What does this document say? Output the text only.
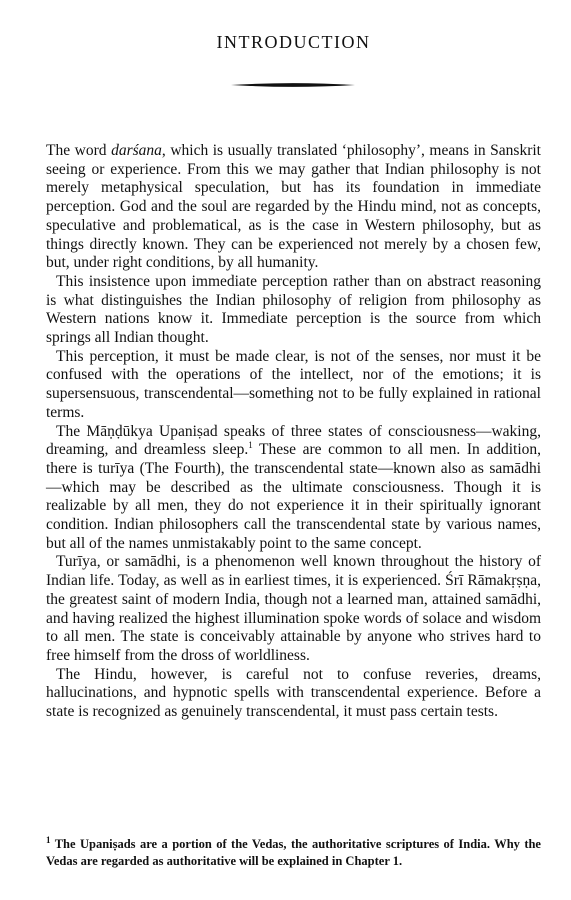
INTRODUCTION

The word darśana, which is usually translated ‘philosophy’, means in Sanskrit seeing or experience. From this we may gather that Indian philosophy is not merely metaphysical speculation, but has its foundation in immediate perception. God and the soul are regarded by the Hindu mind, not as concepts, speculative and problematical, as is the case in Western philosophy, but as things directly known. They can be experienced not merely by a chosen few, but, under right conditions, by all humanity.

This insistence upon immediate perception rather than on abstract reasoning is what distinguishes the Indian philosophy of religion from philosophy as Western nations know it. Immediate perception is the source from which springs all Indian thought.

This perception, it must be made clear, is not of the senses, nor must it be confused with the operations of the intellect, nor of the emotions; it is supersensuous, transcendental—something not to be fully explained in rational terms.

The Māṇḍūkya Upaniṣad speaks of three states of consciousness—waking, dreaming, and dreamless sleep.$^1$ These are common to all men. In addition, there is turīya (The Fourth), the transcendental state—known also as samādhi—which may be described as the ultimate consciousness. Though it is realizable by all men, they do not experience it in their spiritually ignorant condition. Indian philosophers call the transcendental state by various names, but all of the names unmistakably point to the same concept.

Turīya, or samādhi, is a phenomenon well known throughout the history of Indian life. Today, as well as in earliest times, it is experienced. Śrī Rāmakṛṣṇa, the greatest saint of modern India, though not a learned man, attained samādhi, and having realized the highest illumination spoke words of solace and wisdom to all men. The state is conceivably attainable by anyone who strives hard to free himself from the dross of worldliness.

The Hindu, however, is careful not to confuse reveries, dreams, hallucinations, and hypnotic spells with transcendental experience. Before a state is recognized as genuinely transcendental, it must pass certain tests.

$^1$ The Upaniṣads are a portion of the Vedas, the authoritative scriptures of India. Why the Vedas are regarded as authoritative will be explained in Chapter 1.
